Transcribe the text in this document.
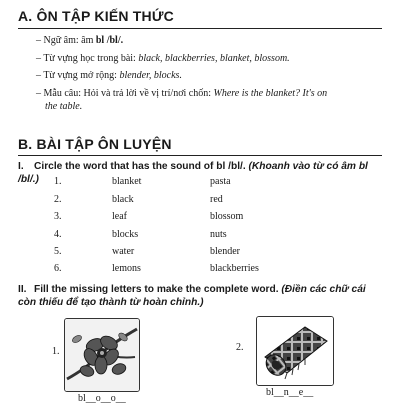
A. ÔN TẬP KIẾN THỨC

– Ngữ âm: âm bl /bl/.

– Từ vựng học trong bài: black, blackberries, blanket, blossom.

– Từ vựng mở rộng: blender, blocks.

– Mẫu câu: Hỏi và trả lời về vị trí/nơi chốn: Where is the blanket? It's on

the table.

B. BÀI TẬP ÔN LUYỆN

I. Circle the word that has the sound of bl /bl/. (Khoanh vào từ có âm bl /bl/.)	1.	blanket	pasta
2.	black	red
3.	leaf	blossom
4.	blocks	nuts
5.	water	blender
6.	lemons	blackberries

II. Fill the missing letters to make the complete word. (Điền các chữ cái còn thiếu để tạo thành từ hoàn chỉnh.)

1.
bl__o__o__
2.
bl__n__e__
